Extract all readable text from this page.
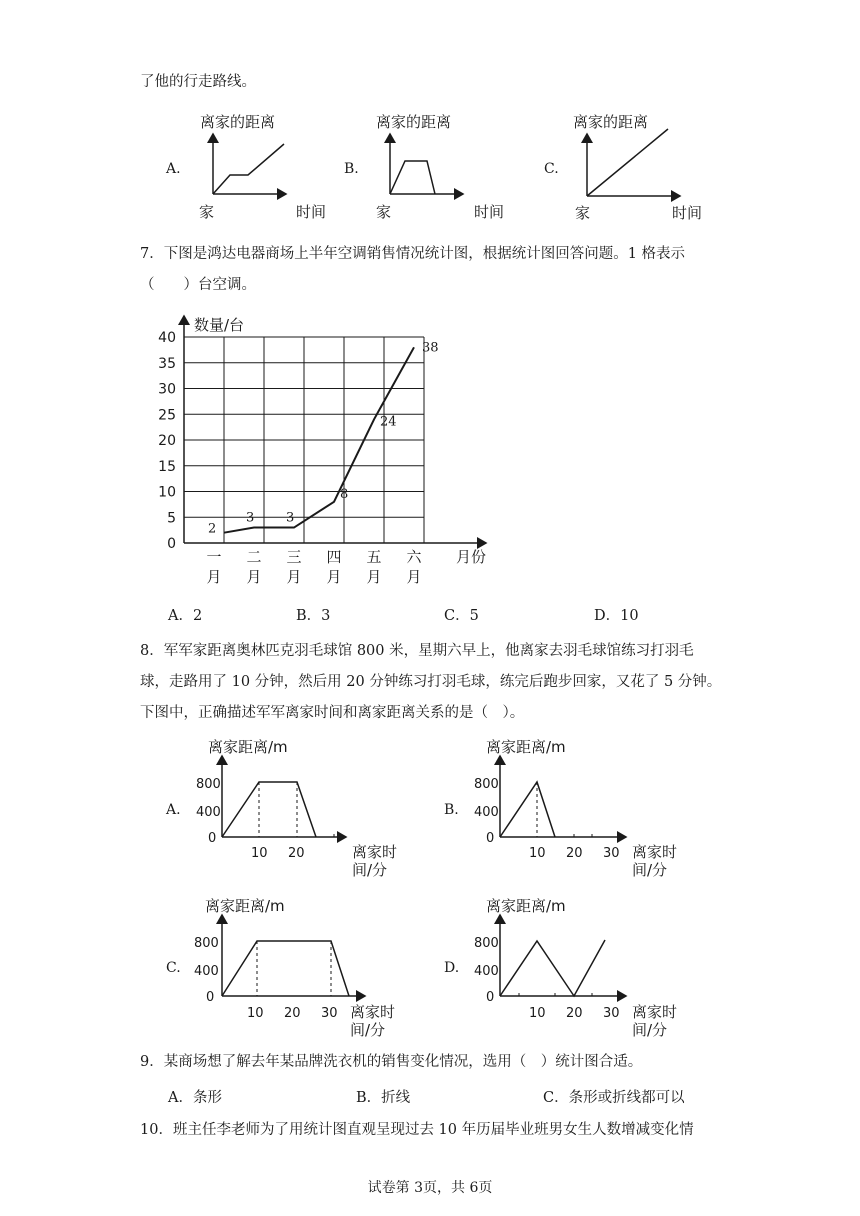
了他的行走路线。
A.
离家的距离
家	时间
B.
离家的距离
家	时间
C.
离家的距离
家	时间
7．下图是鸿达电器商场上半年空调销售情况统计图，根据统计图回答问题。1 格表示
（　　）台空调。
数量/台
月份
0
5
10
15
20
25
30
35
40
一
月
二
月
三
月
四
月
五
月
六
月
2
3 3
8
24
38
A．2	B．3	C．5	D．10
8．军军家距离奥林匹克羽毛球馆 800 米，星期六早上，他离家去羽毛球馆练习打羽毛
球，走路用了 10 分钟，然后用 20 分钟练习打羽毛球，练完后跑步回家，又花了 5 分钟。
下图中，正确描述军军离家时间和离家距离关系的是（　）。
A.
离家距离/m
800
400
0
10 20	离家时
间/分
B.
离家距离/m
800
400
0
10 20 30 离家时
间/分
C.
离家距离/m
800
400
0
10 20 30 离家时
间/分
D.
离家距离/m
800
400
0
10 20 30 离家时
间/分
9．某商场想了解去年某品牌洗衣机的销售变化情况，选用（　）统计图合适。
A．条形	B．折线	C．条形或折线都可以
10．班主任李老师为了用统计图直观呈现过去 10 年历届毕业班男女生人数增减变化情
试卷第 3页，共 6页
